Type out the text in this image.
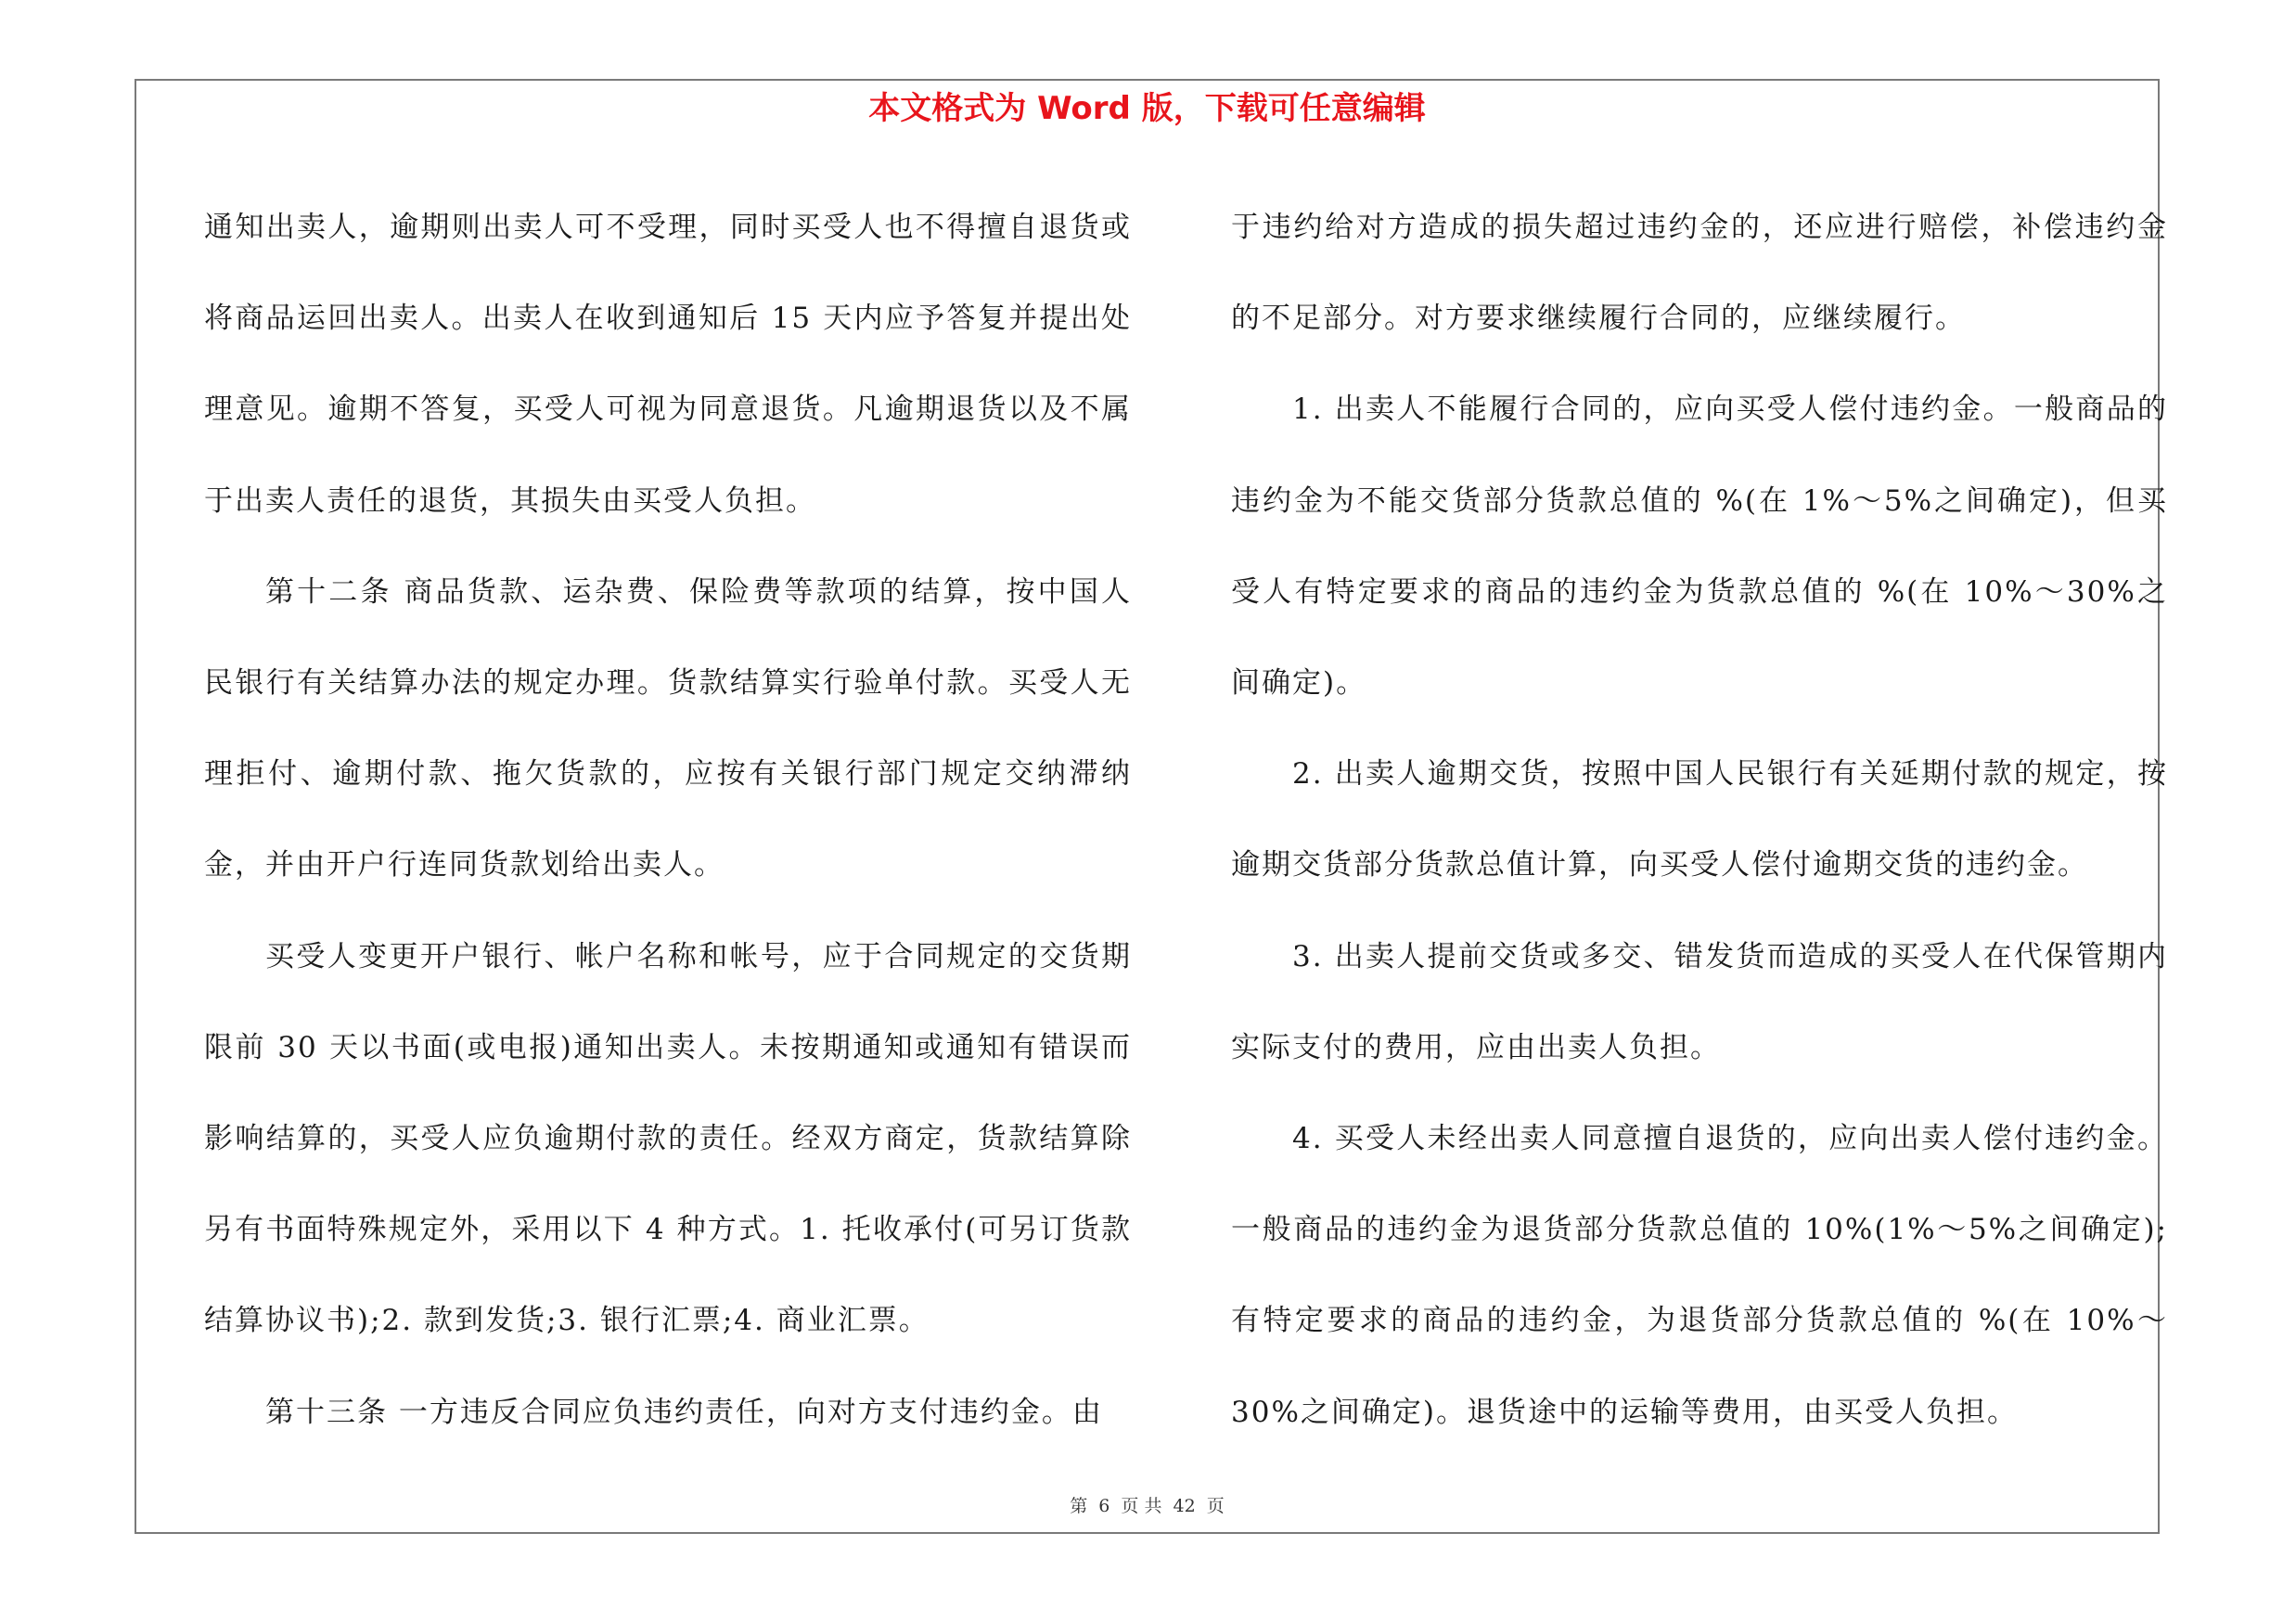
本文格式为 Word 版，下载可任意编辑

通知出卖人，逾期则出卖人可不受理，同时买受人也不得擅自退货或将商品运回出卖人。出卖人在收到通知后 15 天内应予答复并提出处理意见。逾期不答复，买受人可视为同意退货。凡逾期退货以及不属于出卖人责任的退货，其损失由买受人负担。

第十二条 商品货款、运杂费、保险费等款项的结算，按中国人民银行有关结算办法的规定办理。货款结算实行验单付款。买受人无理拒付、逾期付款、拖欠货款的，应按有关银行部门规定交纳滞纳金，并由开户行连同货款划给出卖人。

买受人变更开户银行、帐户名称和帐号，应于合同规定的交货期限前 30 天以书面(或电报)通知出卖人。未按期通知或通知有错误而影响结算的，买受人应负逾期付款的责任。经双方商定，货款结算除另有书面特殊规定外，采用以下 4 种方式。1. 托收承付(可另订货款结算协议书);2. 款到发货;3. 银行汇票;4. 商业汇票。

第十三条 一方违反合同应负违约责任，向对方支付违约金。由

于违约给对方造成的损失超过违约金的，还应进行赔偿，补偿违约金的不足部分。对方要求继续履行合同的，应继续履行。

1. 出卖人不能履行合同的，应向买受人偿付违约金。一般商品的违约金为不能交货部分货款总值的 %(在 1%～5%之间确定)，但买受人有特定要求的商品的违约金为货款总值的 %(在 10%～30%之间确定)。

2. 出卖人逾期交货，按照中国人民银行有关延期付款的规定，按逾期交货部分货款总值计算，向买受人偿付逾期交货的违约金。

3. 出卖人提前交货或多交、错发货而造成的买受人在代保管期内实际支付的费用，应由出卖人负担。

4. 买受人未经出卖人同意擅自退货的，应向出卖人偿付违约金。一般商品的违约金为退货部分货款总值的 10%(1%～5%之间确定);有特定要求的商品的违约金，为退货部分货款总值的 %(在 10%～30%之间确定)。退货途中的运输等费用，由买受人负担。

第 6 页 共 42 页
